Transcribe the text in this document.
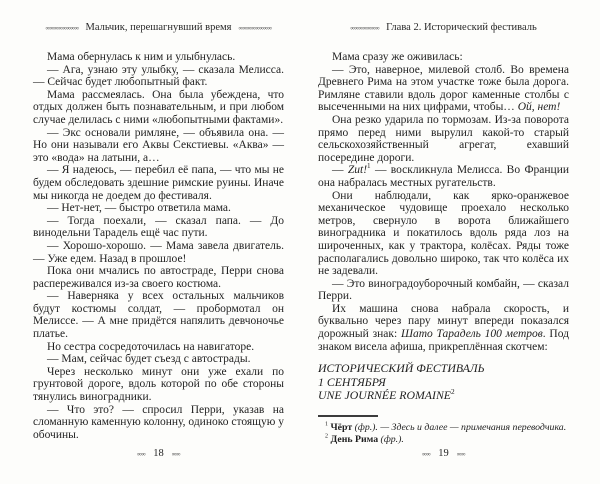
∞∞∞∞∞∞∞∞ Мальчик, перешагнувший время ∞∞∞∞∞∞∞∞

Мама обернулась к ним и улыбнулась.

— Ага, узнаю эту улыбку, — сказала Мелисса. — Сейчас будет любопытный факт.

Мама рассмеялась. Она была убеждена, что отдых должен быть познавательным, и при любом случае делилась с ними «любопытными фактами».

— Экс основали римляне, — объявила она. — Но они называли его Аквы Секстиевы. «Аква» — это «вода» на латыни, а…

— Я надеюсь, — перебил её папа, — что мы не будем обследовать здешние римские руины. Иначе мы никогда не доедем до фестиваля.

— Нет-нет, — быстро ответила мама.

— Тогда поехали, — сказал папа. — До винодельни Тарадель ещё час пути.

— Хорошо-хорошо. — Мама завела двигатель. — Уже едем. Назад в прошлое!

Пока они мчались по автостраде, Перри снова распереживался из-за своего костюма.

— Наверняка у всех остальных мальчиков будут костюмы солдат, — пробормотал он Мелиссе. — А мне придётся напялить девчоночье платье.

Но сестра сосредоточилась на навигаторе.

— Мам, сейчас будет съезд с автострады.

Через несколько минут они уже ехали по грунтовой дороге, вдоль которой по обе стороны тянулись виноградники.

— Что это? — спросил Перри, указав на сломанную каменную колонну, одиноко стоящую у обочины.

∞∞ 18 ∞∞
∞∞∞∞∞∞∞ Глава 2. Исторический фестиваль

Мама сразу же оживилась:

— Это, наверное, милевой столб. Во времена Древнего Рима на этом участке тоже была дорога. Римляне ставили вдоль дорог каменные столбы с высеченными на них цифрами, чтобы… Ой, нет!

Она резко ударила по тормозам. Из-за поворота прямо перед ними вырулил какой-то старый сельскохозяйственный агрегат, ехавший посередине дороги.

— Zut!$^1$ — воскликнула Мелисса. Во Франции она набралась местных ругательств.

Они наблюдали, как ярко-оранжевое механическое чудовище проехало несколько метров, свернуло в ворота ближайшего виноградника и покатилось вдоль ряда лоз на широченных, как у трактора, колёсах. Ряды тоже располагались довольно широко, так что колёса их не задевали.

— Это виноградоуборочный комбайн, — сказал Перри.

Их машина снова набрала скорость, и буквально через пару минут впереди показался дорожный знак: Шато Тарадель 100 метров. Под знаком висела афиша, прикреплённая скотчем:

ИСТОРИЧЕСКИЙ ФЕСТИВАЛЬ

1 СЕНТЯБРЯ

UNE JOURNÉE ROMAINE$^2$

$^1$ Чёрт (фр.). — Здесь и далее — примечания переводчика.

$^2$ День Рима (фр.).

∞∞ 19 ∞∞
